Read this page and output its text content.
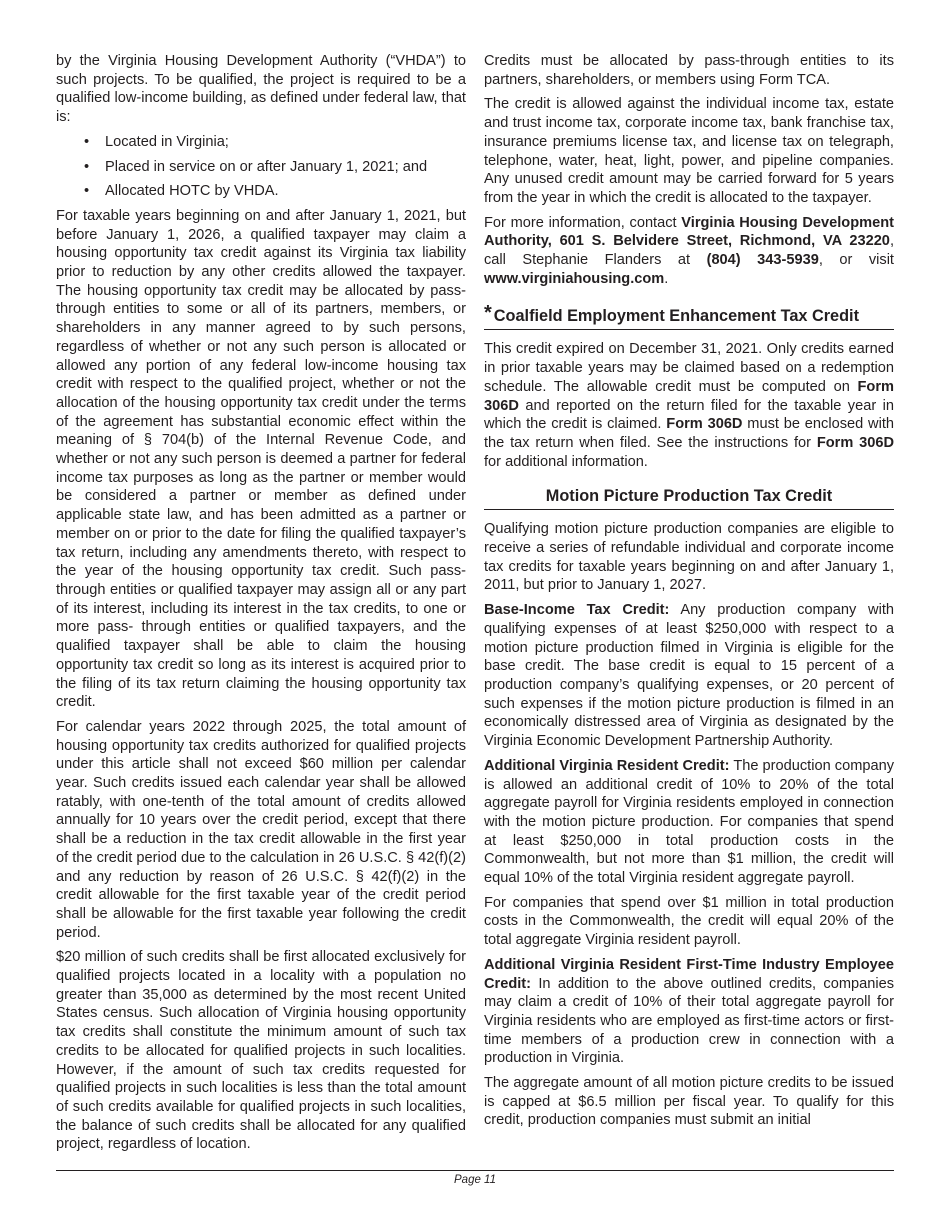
by the Virginia Housing Development Authority (“VHDA”) to such projects. To be qualified, the project is required to be a qualified low-income building, as defined under federal law, that is:

• Located in Virginia;
• Placed in service on or after January 1, 2021; and
• Allocated HOTC by VHDA.

For taxable years beginning on and after January 1, 2021, but before January 1, 2026, a qualified taxpayer may claim a housing opportunity tax credit against its Virginia tax liability prior to reduction by any other credits allowed the taxpayer. The housing opportunity tax credit may be allocated by pass-through entities to some or all of its partners, members, or shareholders in any manner agreed to by such persons, regardless of whether or not any such person is allocated or allowed any portion of any federal low-income housing tax credit with respect to the qualified project, whether or not the allocation of the housing opportunity tax credit under the terms of the agreement has substantial economic effect within the meaning of § 704(b) of the Internal Revenue Code, and whether or not any such person is deemed a partner for federal income tax purposes as long as the partner or member would be considered a partner or member as defined under applicable state law, and has been admitted as a partner or member on or prior to the date for filing the qualified taxpayer’s tax return, including any amendments thereto, with respect to the year of the housing opportunity tax credit. Such pass-through entities or qualified taxpayer may assign all or any part of its interest, including its interest in the tax credits, to one or more pass- through entities or qualified taxpayers, and the qualified taxpayer shall be able to claim the housing opportunity tax credit so long as its interest is acquired prior to the filing of its tax return claiming the housing opportunity tax credit.

For calendar years 2022 through 2025, the total amount of housing opportunity tax credits authorized for qualified projects under this article shall not exceed $60 million per calendar year. Such credits issued each calendar year shall be allowed ratably, with one-tenth of the total amount of credits allowed annually for 10 years over the credit period, except that there shall be a reduction in the tax credit allowable in the first year of the credit period due to the calculation in 26 U.S.C. § 42(f)(2) and any reduction by reason of 26 U.S.C. § 42(f)(2) in the credit allowable for the first taxable year of the credit period shall be allowable for the first taxable year following the credit period.

$20 million of such credits shall be first allocated exclusively for qualified projects located in a locality with a population no greater than 35,000 as determined by the most recent United States census. Such allocation of Virginia housing opportunity tax credits shall constitute the minimum amount of such tax credits to be allocated for qualified projects in such localities. However, if the amount of such tax credits requested for qualified projects in such localities is less than the total amount of such credits available for qualified projects in such localities, the balance of such credits shall be allocated for any qualified project, regardless of location.

Credits must be allocated by pass-through entities to its partners, shareholders, or members using Form TCA.

The credit is allowed against the individual income tax, estate and trust income tax, corporate income tax, bank franchise tax, insurance premiums license tax, and license tax on telegraph, telephone, water, heat, light, power, and pipeline companies. Any unused credit amount may be carried forward for 5 years from the year in which the credit is allocated to the taxpayer.

For more information, contact Virginia Housing Development Authority, 601 S. Belvidere Street, Richmond, VA 23220, call Stephanie Flanders at (804) 343-5939, or visit www.virginiahousing.com.

* Coalfield Employment Enhancement Tax Credit

This credit expired on December 31, 2021. Only credits earned in prior taxable years may be claimed based on a redemption schedule. The allowable credit must be computed on Form 306D and reported on the return filed for the taxable year in which the credit is claimed. Form 306D must be enclosed with the tax return when filed. See the instructions for Form 306D for additional information.

Motion Picture Production Tax Credit

Qualifying motion picture production companies are eligible to receive a series of refundable individual and corporate income tax credits for taxable years beginning on and after January 1, 2011, but prior to January 1, 2027.

Base-Income Tax Credit: Any production company with qualifying expenses of at least $250,000 with respect to a motion picture production filmed in Virginia is eligible for the base credit. The base credit is equal to 15 percent of a production company’s qualifying expenses, or 20 percent of such expenses if the motion picture production is filmed in an economically distressed area of Virginia as designated by the Virginia Economic Development Partnership Authority.

Additional Virginia Resident Credit: The production company is allowed an additional credit of 10% to 20% of the total aggregate payroll for Virginia residents employed in connection with the motion picture production. For companies that spend at least $250,000 in total production costs in the Commonwealth, but not more than $1 million, the credit will equal 10% of the total Virginia resident aggregate payroll.

For companies that spend over $1 million in total production costs in the Commonwealth, the credit will equal 20% of the total aggregate Virginia resident payroll.

Additional Virginia Resident First-Time Industry Employee Credit: In addition to the above outlined credits, companies may claim a credit of 10% of their total aggregate payroll for Virginia residents who are employed as first-time actors or first-time members of a production crew in connection with a production in Virginia.

The aggregate amount of all motion picture credits to be issued is capped at $6.5 million per fiscal year. To qualify for this credit, production companies must submit an initial

Page 11
